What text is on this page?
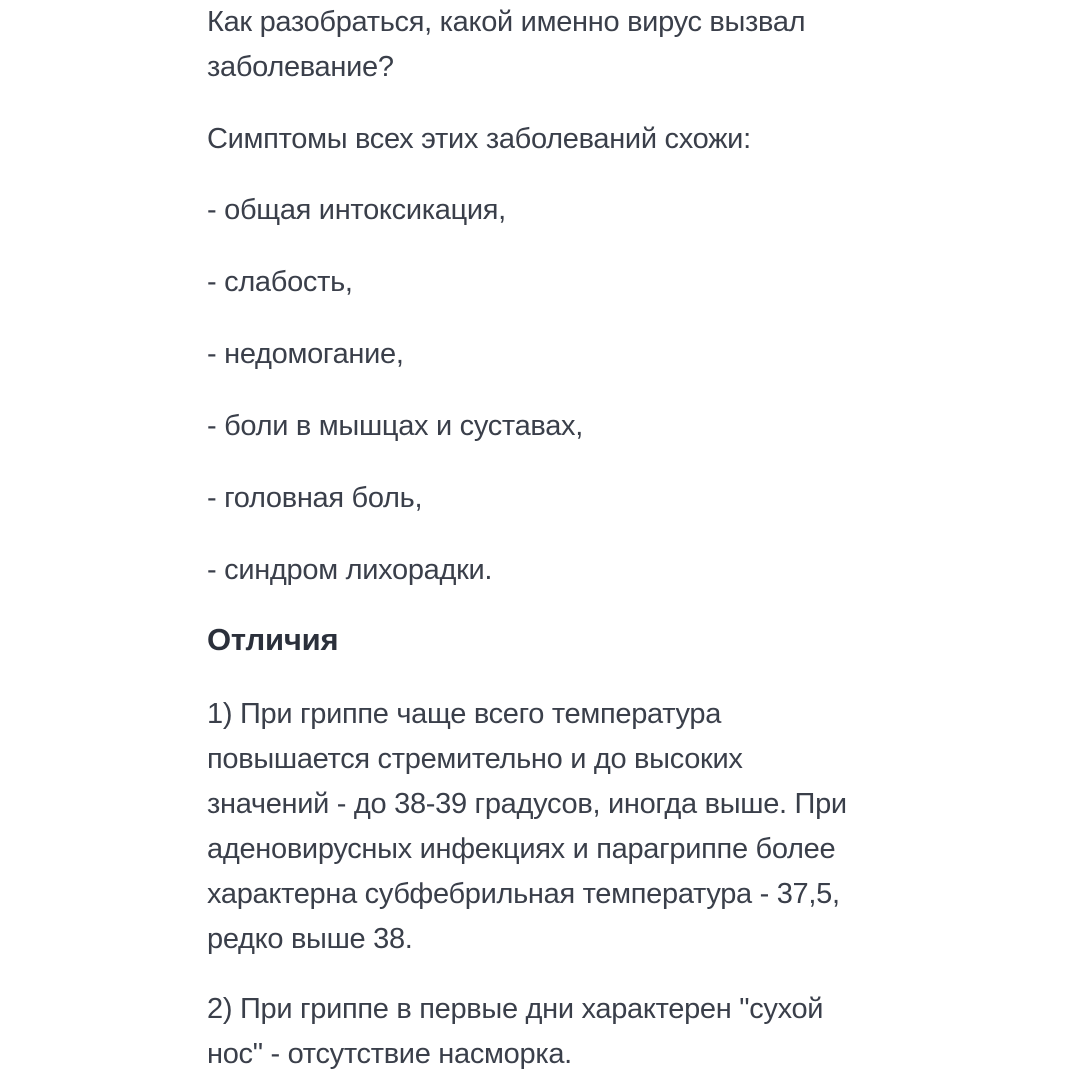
Как разобраться, какой именно вирус вызвал
заболевание?

Симптомы всех этих заболеваний схожи:

- общая интоксикация,

- слабость,

- недомогание,

- боли в мышцах и суставах,

- головная боль,

- синдром лихорадки.

Отличия

1) При гриппе чаще всего температура
повышается стремительно и до высоких
значений - до 38-39 градусов, иногда выше. При
аденовирусных инфекциях и парагриппе более
характерна субфебрильная температура - 37,5,
редко выше 38.

2) При гриппе в первые дни характерен "сухой
нос" - отсутствие насморка.
